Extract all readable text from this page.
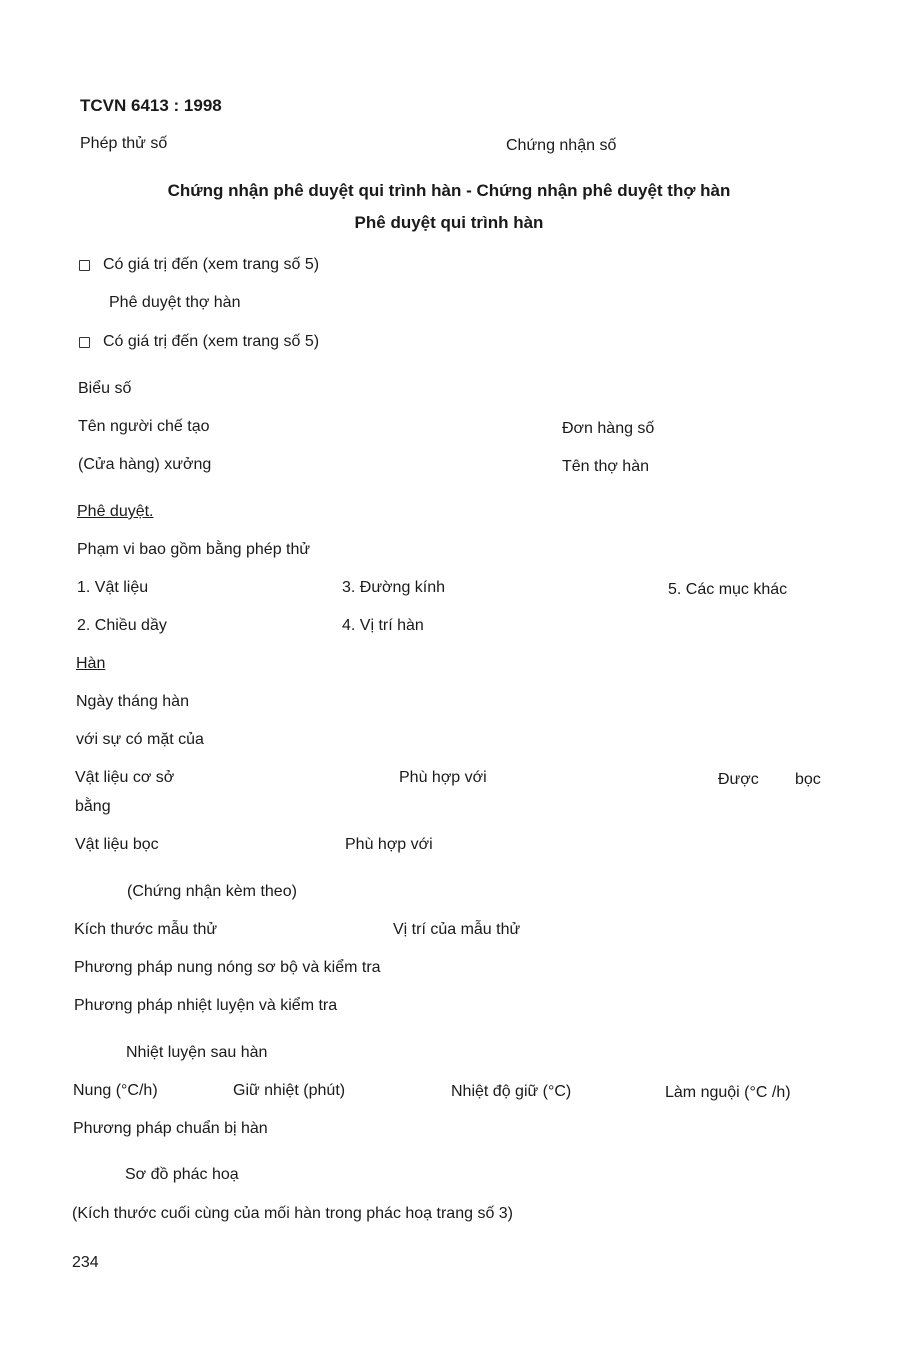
TCVN 6413 : 1998
Phép thử số	Chứng nhận số
Chứng nhận phê duyệt qui trình hàn - Chứng nhận phê duyệt thợ hàn
Phê duyệt qui trình hàn
Có giá trị đến (xem trang số 5)
Phê duyệt thợ hàn
Có giá trị đến (xem trang số 5)
Biểu số
Tên người chế tạo	Đơn hàng số
(Cửa hàng) xưởng	Tên thợ hàn
Phê duyệt.
Phạm vi bao gồm bằng phép thử
1. Vật liệu	3. Đường kính	5. Các mục khác
2. Chiều dầy	4. Vị trí hàn
Hàn
Ngày tháng hàn
với sự có mặt của
Vật liệu cơ sở	Phù hợp với	Được bọc
bằng
Vật liệu bọc	Phù hợp với
(Chứng nhận kèm theo)
Kích thước mẫu thử	Vị trí của mẫu thử
Phương pháp nung nóng sơ bộ và kiểm tra
Phương pháp nhiệt luyện và kiểm tra
Nhiệt luyện sau hàn
Nung (°C/h)	Giữ nhiệt (phút)	Nhiệt độ giữ (°C)	Làm nguội (°C /h)
Phương pháp chuẩn bị hàn
Sơ đồ phác hoạ
(Kích thước cuối cùng của mối hàn trong phác hoạ trang số 3)
234
